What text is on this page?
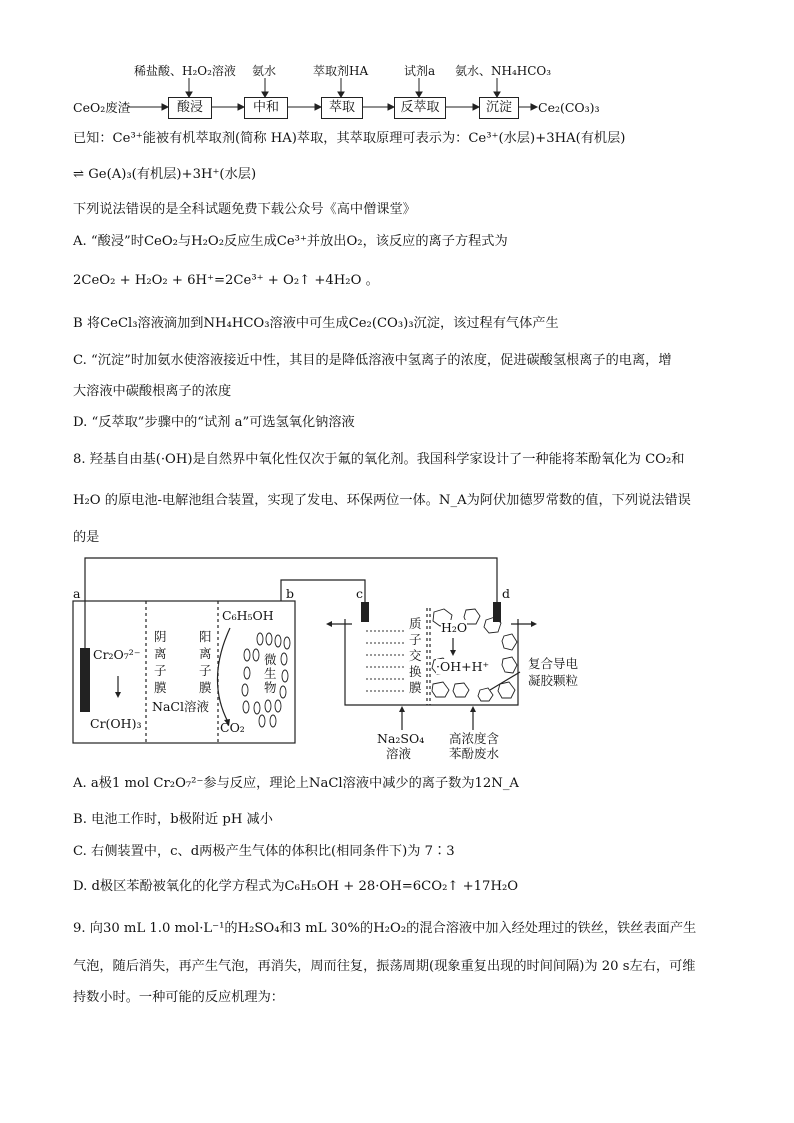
CeO₂废渣	酸浸	中和	萃取	反萃取	沉淀	Ce₂(CO₃)₃
稀盐酸、H₂O₂溶液 氨水	萃取剂HA	试剂a 氨水、NH₄HCO₃
已知：Ce³⁺能被有机萃取剂(简称 HA)萃取，其萃取原理可表示为：Ce³⁺(水层)+3HA(有机层)
⇌ Ge(A)₃(有机层)+3H⁺(水层)
下列说法错误的是全科试题免费下载公众号《高中僧课堂》
A. “酸浸”时CeO₂与H₂O₂反应生成Ce³⁺并放出O₂，该反应的离子方程式为
2CeO₂ + H₂O₂ + 6H⁺=2Ce³⁺ + O₂↑ +4H₂O 。
B 将CeCl₃溶液滴加到NH₄HCO₃溶液中可生成Ce₂(CO₃)₃沉淀，该过程有气体产生
C. “沉淀”时加氨水使溶液接近中性，其目的是降低溶液中氢离子的浓度，促进碳酸氢根离子的电离，增
大溶液中碳酸根离子的浓度
D. “反萃取”步骤中的“试剂 a”可选氢氧化钠溶液
8. 羟基自由基(·OH)是自然界中氧化性仅次于氟的氧化剂。我国科学家设计了一种能将苯酚氧化为 CO₂和
H₂O 的原电池-电解池组合装置，实现了发电、环保两位一体。N_A为阿伏加德罗常数的值，下列说法错误
的是
a	b	c	d
Cr₂O₇²⁻
Cr(OH)₃
阴
离
子
膜
阳
离
子
膜
NaCl溶液
C₆H₅OH
微
生
物
CO₂
质
子
交
换
膜
H₂O
·OH+H⁺	复合导电
凝胶颗粒
Na₂SO₄
溶液
高浓度含
苯酚废水
A. a极1 mol Cr₂O₇²⁻参与反应，理论上NaCl溶液中减少的离子数为12N_A
B. 电池工作时，b极附近 pH 减小
C. 右侧装置中，c、d两极产生气体的体积比(相同条件下)为 7∶3
D. d极区苯酚被氧化的化学方程式为C₆H₅OH + 28·OH=6CO₂↑ +17H₂O
9. 向30 mL 1.0 mol·L⁻¹的H₂SO₄和3 mL 30%的H₂O₂的混合溶液中加入经处理过的铁丝，铁丝表面产生
气泡，随后消失，再产生气泡，再消失，周而往复，振荡周期(现象重复出现的时间间隔)为 20 s左右，可维
持数小时。一种可能的反应机理为：
